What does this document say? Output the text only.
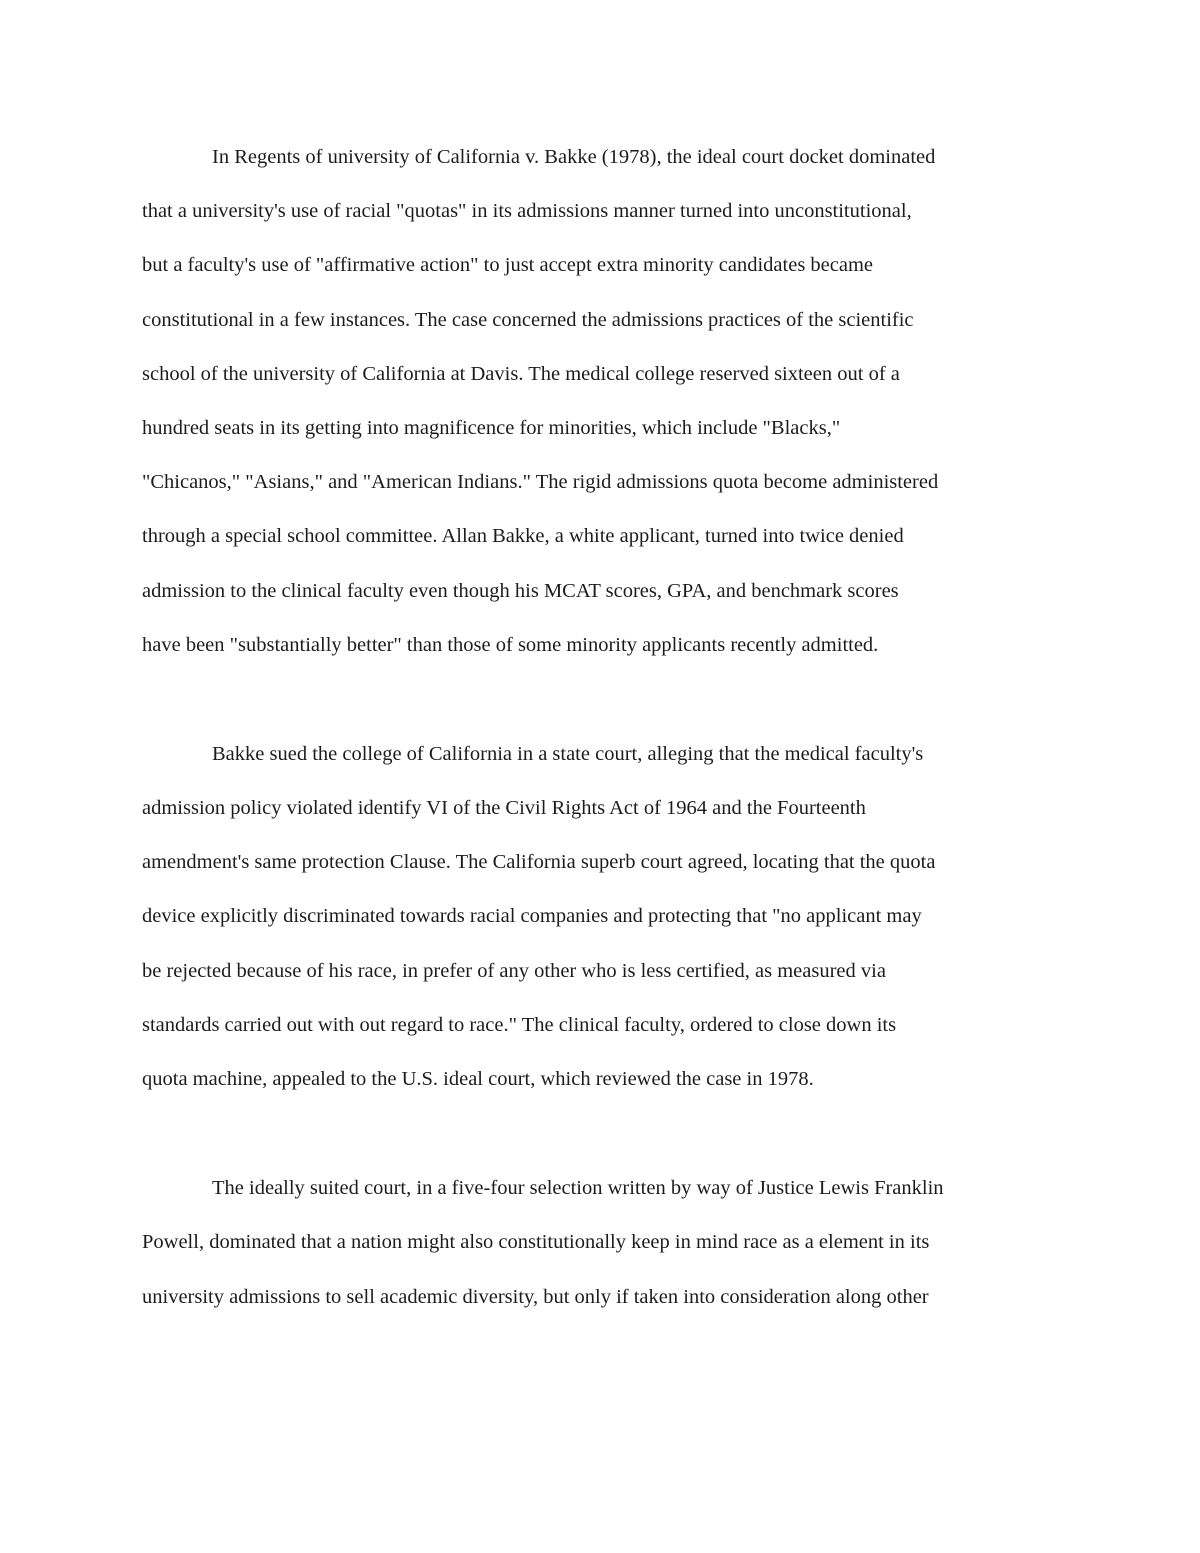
In Regents of university of California v. Bakke (1978), the ideal court docket dominated
that a university's use of racial "quotas" in its admissions manner turned into unconstitutional,
but a faculty's use of "affirmative action" to just accept extra minority candidates became
constitutional in a few instances. The case concerned the admissions practices of the scientific
school of the university of California at Davis. The medical college reserved sixteen out of a
hundred seats in its getting into magnificence for minorities, which include "Blacks,"
"Chicanos," "Asians," and "American Indians." The rigid admissions quota become administered
through a special school committee. Allan Bakke, a white applicant, turned into twice denied
admission to the clinical faculty even though his MCAT scores, GPA, and benchmark scores
have been "substantially better" than those of some minority applicants recently admitted.
Bakke sued the college of California in a state court, alleging that the medical faculty's
admission policy violated identify VI of the Civil Rights Act of 1964 and the Fourteenth
amendment's same protection Clause. The California superb court agreed, locating that the quota
device explicitly discriminated towards racial companies and protecting that "no applicant may
be rejected because of his race, in prefer of any other who is less certified, as measured via
standards carried out with out regard to race." The clinical faculty, ordered to close down its
quota machine, appealed to the U.S. ideal court, which reviewed the case in 1978.
The ideally suited court, in a five-four selection written by way of Justice Lewis Franklin
Powell, dominated that a nation might also constitutionally keep in mind race as a element in its
university admissions to sell academic diversity, but only if taken into consideration along other
